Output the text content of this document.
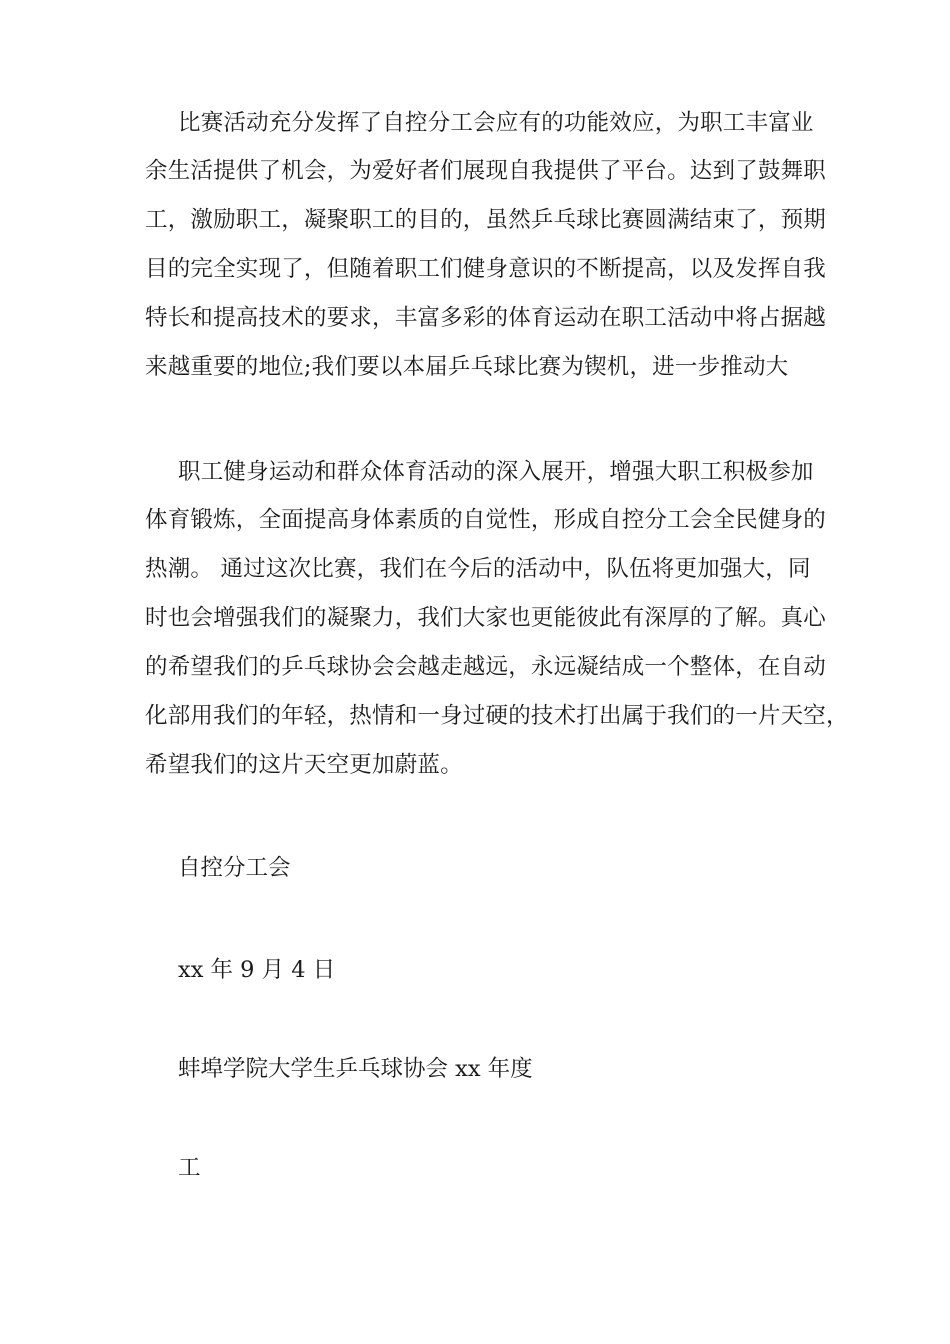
比赛活动充分发挥了自控分工会应有的功能效应，为职工丰富业
余生活提供了机会，为爱好者们展现自我提供了平台。达到了鼓舞职
工，激励职工，凝聚职工的目的，虽然乒乓球比赛圆满结束了，预期
目的完全实现了，但随着职工们健身意识的不断提高，以及发挥自我
特长和提高技术的要求，丰富多彩的体育运动在职工活动中将占据越
来越重要的地位;我们要以本届乒乓球比赛为锲机，进一步推动大
职工健身运动和群众体育活动的深入展开，增强大职工积极参加
体育锻炼，全面提高身体素质的自觉性，形成自控分工会全民健身的
热潮。 通过这次比赛，我们在今后的活动中，队伍将更加强大，同
时也会增强我们的凝聚力，我们大家也更能彼此有深厚的了解。真心
的希望我们的乒乓球协会会越走越远，永远凝结成一个整体，在自动
化部用我们的年轻，热情和一身过硬的技术打出属于我们的一片天空，
希望我们的这片天空更加蔚蓝。
自控分工会
xx 年 9 月 4 日
蚌埠学院大学生乒乓球协会 xx 年度
工
